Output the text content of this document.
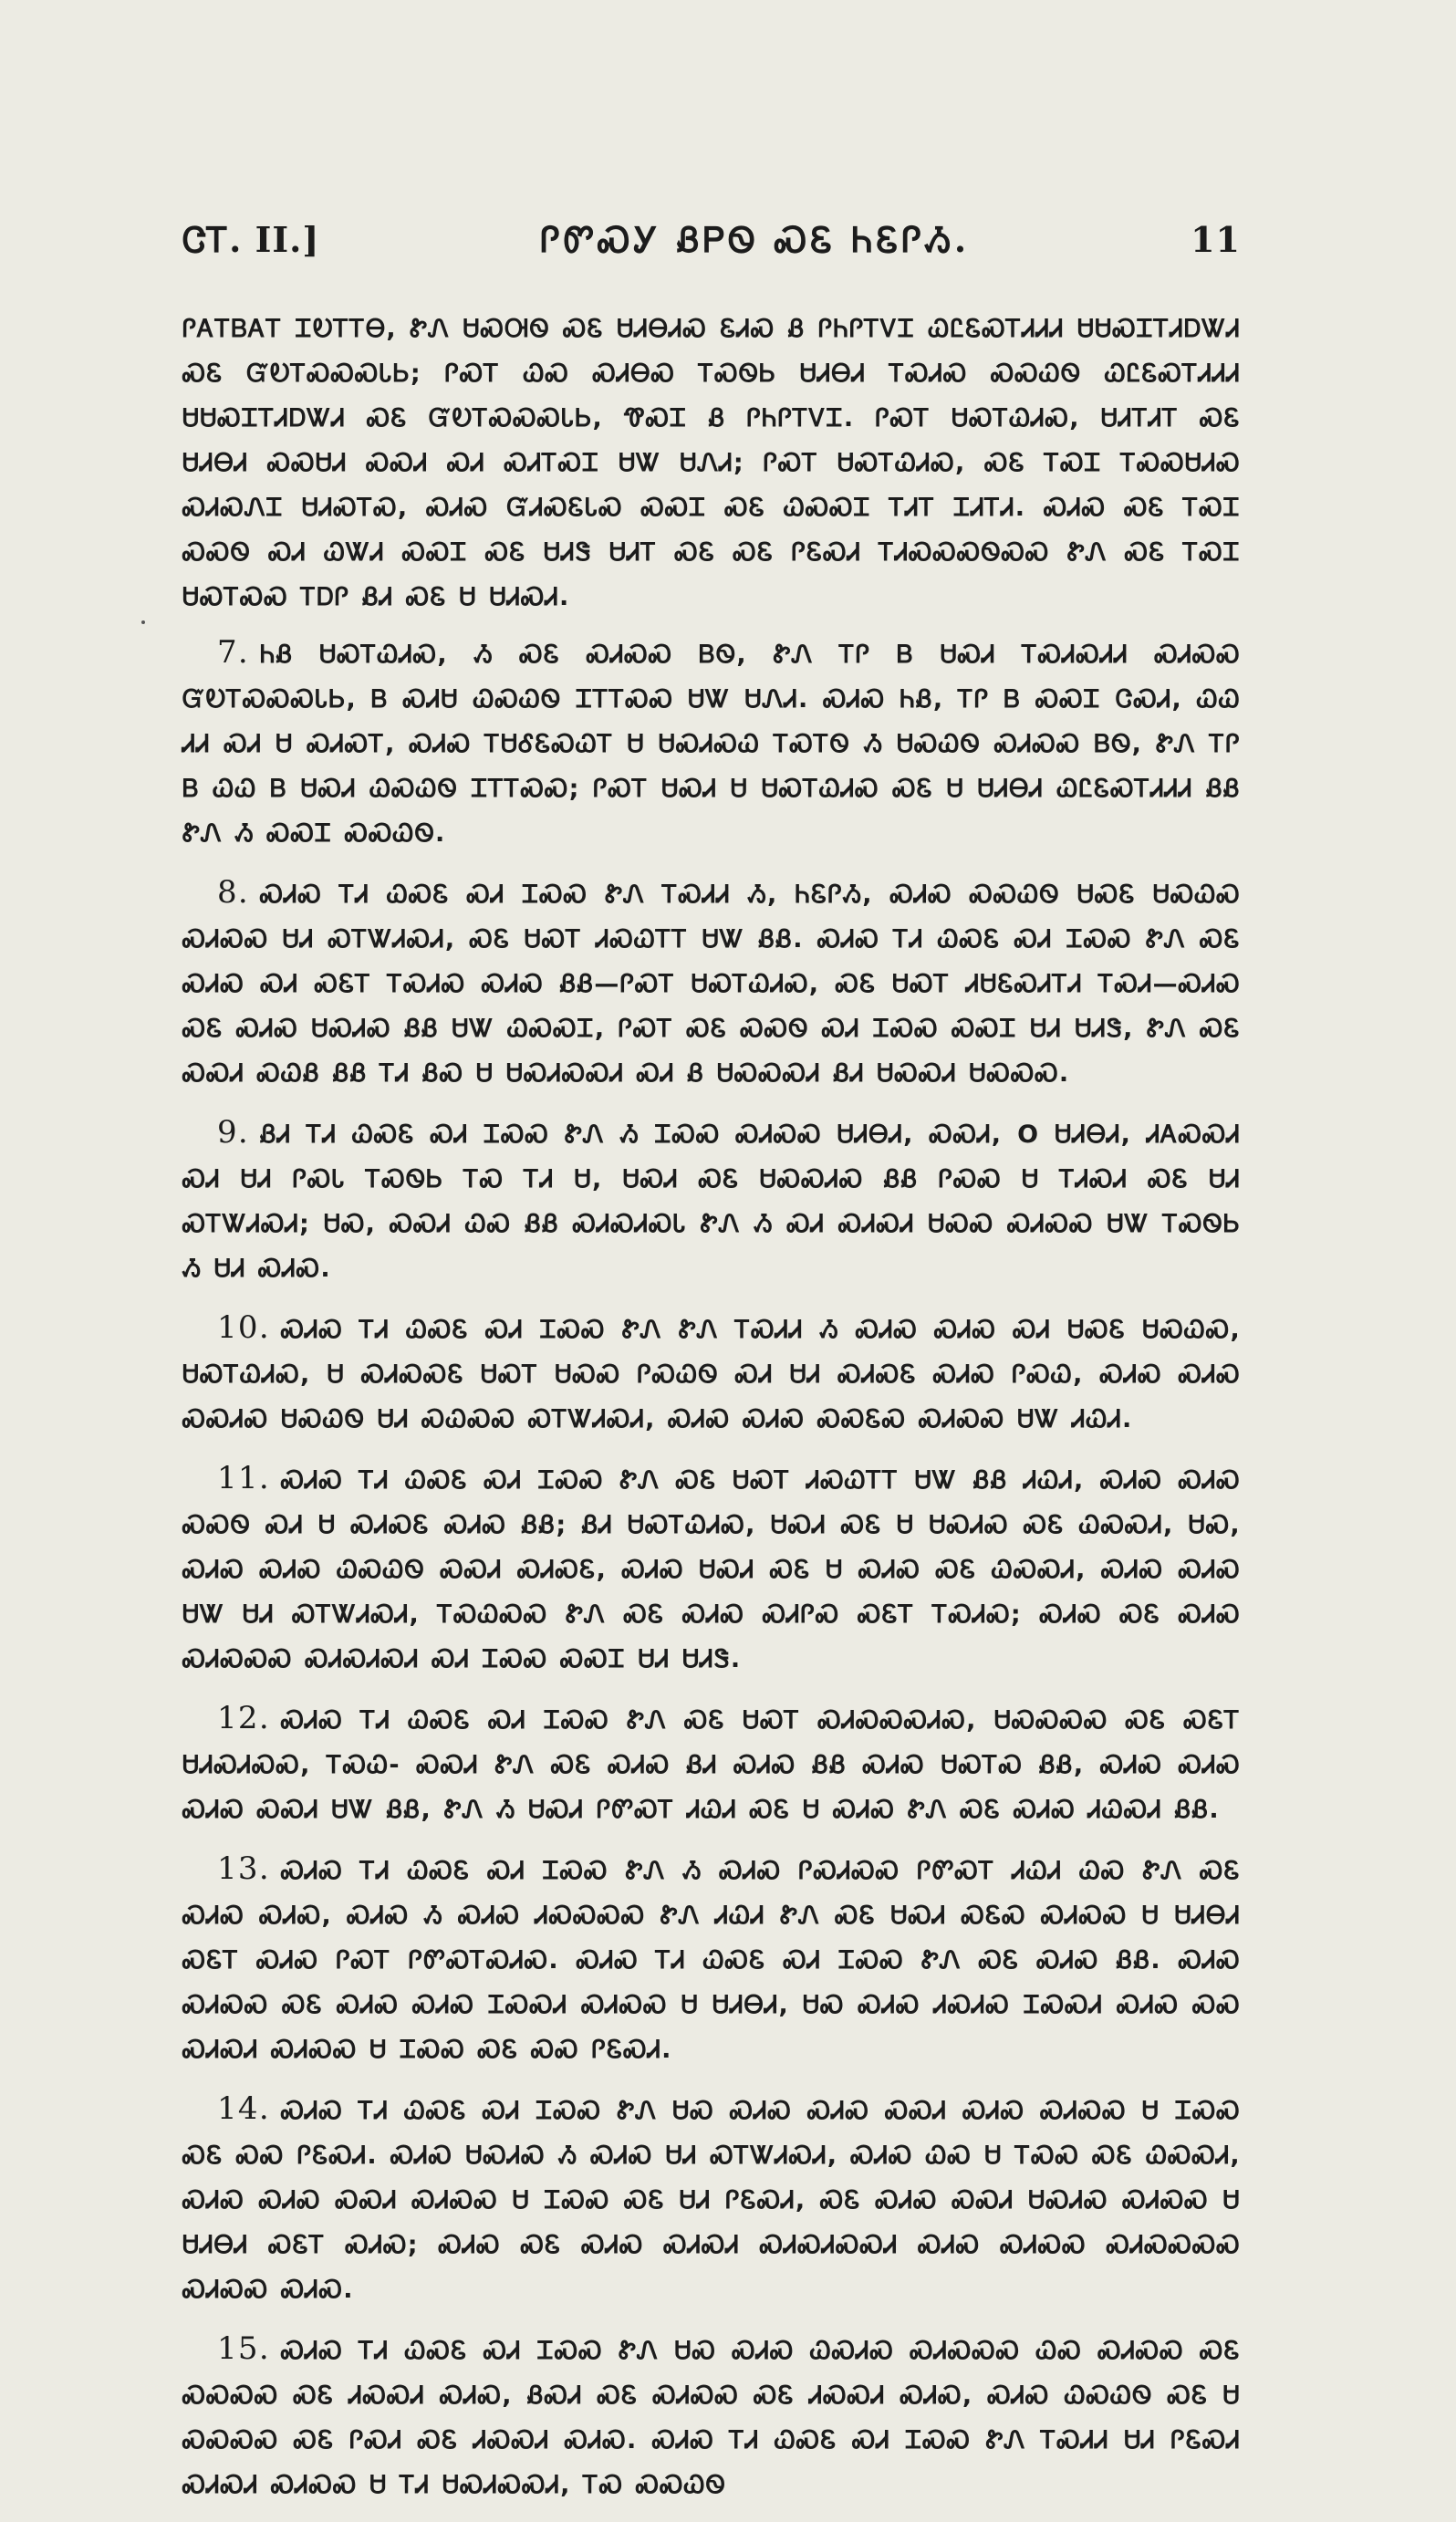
ᏣᎢ. II.]	ᎵᏛᏍᎩ ᏰᏢᏫ ᏍᏋ ᏂᏋᎵᏱ.	11

ᎵᎪᎢᏴᎪᎢ ᏆᎧᎢᎢᎾ, ᏑᏁ ᏌᏍᎺᏫ ᏍᏋ ᏌᏗᎾᏗᏍ ᏋᏗᏍ Ᏸ ᎵᏂᎵᎢᏙᏆ ᏇᏝᏋᏍᎢᏗᏗᏗ ᏌᏌᏍᏆᎢᏗᎠᏔᏗ ᏍᏋ ᏳᎧᎢᏍᏍᏍᏓᏏ; ᎵᏍᎢ ᏇᏍ ᏍᏗᎾᏍ ᎢᏍᏫᏏ ᏌᏗᎾᏗ ᎢᏍᏗᏍ ᏍᏍᏇᏫ ᏇᏝᏋᏍᎢᏗᏗᏗ ᏌᏌᏍᏆᎢᏗᎠᏔᏗ ᏍᏋ ᏳᎧᎢᏍᏍᏍᏓᏏ, ᏡᏍᏆ Ᏸ ᎵᏂᎵᎢᏙᏆ. ᎵᏍᎢ ᏌᏍᎢᏇᏗᏍ, ᏌᏗᎢᏗᎢ ᏍᏋ ᏌᏗᎾᏗ ᏍᏍᏌᏗ ᏍᏍᏗ ᏍᏗ ᏍᏗᎢᏍᏆ ᏌᏔ ᏌᏁᏗ; ᎵᏍᎢ ᏌᏍᎢᏇᏗᏍ, ᏍᏋ ᎢᏍᏆ ᎢᏍᏍᏌᏗᏍ ᏍᏗᏍᏁᏆ ᏌᏗᏍᎢᏍ, ᏍᏗᏍ ᏳᏗᏍᏋᏓᏍ ᏍᏍᏆ ᏍᏋ ᏇᏍᏍᏆ ᎢᏗᎢ ᏆᏗᎢᏗ. ᏍᏗᏍ ᏍᏋ ᎢᏍᏆ ᏍᏍᏫ ᏍᏗ ᏇᏔᏗ ᏍᏍᏆ ᏍᏋ ᏌᏗᏕ ᏌᏗᎢ ᏍᏋ ᏍᏋ ᎵᏋᏍᏗ ᎢᏗᏍᏍᏍᏫᏍᏍ ᏑᏁ ᏍᏋ ᎢᏍᏆ ᏌᏍᎢᏍᏍ ᎢᎠᎵ ᏰᏗ ᏍᏋ Ꮜ ᏌᏗᏍᏗ.

7. ᏂᏰ ᏌᏍᎢᏇᏗᏍ, Ᏹ ᏍᏋ ᏍᏗᏍᏍ ᏴᏫ, ᏑᏁ ᎢᎵ Ᏼ ᏌᏍᏗ ᎢᏍᏗᏍᏗᏗ ᏍᏗᏍᏍ ᏳᎧᎢᏍᏍᏍᏓᏏ, Ᏼ ᏍᏗᏌ ᏇᏍᏇᏫ ᏆᎢᎢᏍᏍ ᏌᏔ ᏌᏁᏗ. ᏍᏗᏍ ᏂᏰ, ᎢᎵ Ᏼ ᏍᏍᏆ ᏣᏍᏗ, ᏇᏇ ᏗᏗ ᏍᏗ Ꮜ ᏍᏗᏍᎢ, ᏍᏗᏍ ᎢᏌᎴᏋᏍᏇᎢ Ꮜ ᏌᏍᏗᏍᏇ ᎢᏍᎢᏫ Ᏹ ᏌᏍᏇᏫ ᏍᏗᏍᏍ ᏴᏫ, ᏑᏁ ᎢᎵ Ᏼ ᏇᏇ Ᏼ ᏌᏍᏗ ᏇᏍᏇᏫ ᏆᎢᎢᏍᏍ; ᎵᏍᎢ ᏌᏍᏗ Ꮜ ᏌᏍᎢᏇᏗᏍ ᏍᏋ Ꮜ ᏌᏗᎾᏗ ᏇᏝᏋᏍᎢᏗᏗᏗ ᏰᏰ ᏑᏁ Ᏹ ᏍᏍᏆ ᏍᏍᏇᏫ.

8. ᏍᏗᏍ ᎢᏗ ᏇᏍᏋ ᏍᏗ ᏆᏍᏍ ᏑᏁ ᎢᏍᏗᏗ Ᏹ, ᏂᏋᎵᏱ, ᏍᏗᏍ ᏍᏍᏇᏫ ᏌᏍᏋ ᏌᏍᏇᏍ ᏍᏗᏍᏍ ᏌᏗ ᏍᎢᏔᏗᏍᏗ, ᏍᏋ ᏌᏍᎢ ᏗᏍᏇᎢᎢ ᏌᏔ ᏰᏰ. ᏍᏗᏍ ᎢᏗ ᏇᏍᏋ ᏍᏗ ᏆᏍᏍ ᏑᏁ ᏍᏋ ᏍᏗᏍ ᏍᏗ ᏍᏋᎢ ᎢᏍᏗᏍ ᏍᏗᏍ ᏰᏰ—ᎵᏍᎢ ᏌᏍᎢᏇᏗᏍ, ᏍᏋ ᏌᏍᎢ ᏗᏌᏋᏍᏗᎢᏗ ᎢᏍᏗ—ᏍᏗᏍ ᏍᏋ ᏍᏗᏍ ᏌᏍᏗᏍ ᏰᏰ ᏌᏔ ᏇᏍᏍᏆ, ᎵᏍᎢ ᏍᏋ ᏍᏍᏫ ᏍᏗ ᏆᏍᏍ ᏍᏍᏆ ᏌᏗ ᏌᏗᏕ, ᏑᏁ ᏍᏋ ᏍᏍᏗ ᏍᏇᏰ ᏰᏰ ᎢᏗ ᏰᏍ Ꮜ ᏌᏍᏗᏍᏍᏗ ᏍᏗ Ᏸ ᏌᏍᏍᏍᏗ ᏰᏗ ᏌᏍᏍᏗ ᏌᏍᏍᏍ.

9. ᏰᏗ ᎢᏗ ᏇᏍᏋ ᏍᏗ ᏆᏍᏍ ᏑᏁ Ᏹ ᏆᏍᏍ ᏍᏗᏍᏍ ᏌᏗᎾᏗ, ᏍᏍᏗ, O ᏌᏗᎾᏗ, ᏗᎪᏍᏍᏗ ᏍᏗ ᏌᏗ ᎵᏍᏓ ᎢᏍᏫᏏ ᎢᏍ ᎢᏗ Ꮜ, ᏌᏍᏗ ᏍᏋ ᏌᏍᏍᏗᏍ ᏰᏰ ᎵᏍᏍ Ꮜ ᎢᏗᏍᏗ ᏍᏋ ᏌᏗ ᏍᎢᏔᏗᏍᏗ; ᏌᏍ, ᏍᏍᏗ ᏇᏍ ᏰᏰ ᏍᏗᏍᏗᏍᏓ ᏑᏁ Ᏹ ᏍᏗ ᏍᏗᏍᏗ ᏌᏍᏍ ᏍᏗᏍᏍ ᏌᏔ ᎢᏍᏫᏏ Ᏹ ᏌᏗ ᏍᏗᏍ.

10. ᏍᏗᏍ ᎢᏗ ᏇᏍᏋ ᏍᏗ ᏆᏍᏍ ᏑᏁ ᏑᏁ ᎢᏍᏗᏗ Ᏹ ᏍᏗᏍ ᏍᏗᏍ ᏍᏗ ᏌᏍᏋ ᏌᏍᏇᏍ, ᏌᏍᎢᏇᏗᏍ, Ꮜ ᏍᏗᏍᏍᏋ ᏌᏍᎢ ᏌᏍᏍ ᎵᏍᏇᏫ ᏍᏗ ᏌᏗ ᏍᏗᏍᏋ ᏍᏗᏍ ᎵᏍᏇ, ᏍᏗᏍ ᏍᏗᏍ ᏍᏍᏗᏍ ᏌᏍᏇᏫ ᏌᏗ ᏍᏇᏍᏍ ᏍᎢᏔᏗᏍᏗ, ᏍᏗᏍ ᏍᏗᏍ ᏍᏍᏋᏍ ᏍᏗᏍᏍ ᏌᏔ ᏗᏇᏗ.

11. ᏍᏗᏍ ᎢᏗ ᏇᏍᏋ ᏍᏗ ᏆᏍᏍ ᏑᏁ ᏍᏋ ᏌᏍᎢ ᏗᏍᏇᎢᎢ ᏌᏔ ᏰᏰ ᏗᏇᏗ, ᏍᏗᏍ ᏍᏗᏍ ᏍᏍᏫ ᏍᏗ Ꮜ ᏍᏗᏍᏋ ᏍᏗᏍ ᏰᏰ; ᏰᏗ ᏌᏍᎢᏇᏗᏍ, ᏌᏍᏗ ᏍᏋ Ꮜ ᏌᏍᏗᏍ ᏍᏋ ᏇᏍᏍᏗ, ᏌᏍ, ᏍᏗᏍ ᏍᏗᏍ ᏇᏍᏇᏫ ᏍᏍᏗ ᏍᏗᏍᏋ, ᏍᏗᏍ ᏌᏍᏗ ᏍᏋ Ꮜ ᏍᏗᏍ ᏍᏋ ᏇᏍᏍᏗ, ᏍᏗᏍ ᏍᏗᏍ ᏌᏔ ᏌᏗ ᏍᎢᏔᏗᏍᏗ, ᎢᏍᏇᏍᏍ ᏑᏁ ᏍᏋ ᏍᏗᏍ ᏍᏗᎵᏍ ᏍᏋᎢ ᎢᏍᏗᏍ; ᏍᏗᏍ ᏍᏋ ᏍᏗᏍ ᏍᏗᏍᏍᏍ ᏍᏗᏍᏗᏍᏗ ᏍᏗ ᏆᏍᏍ ᏍᏍᏆ ᏌᏗ ᏌᏗᏕ.

12. ᏍᏗᏍ ᎢᏗ ᏇᏍᏋ ᏍᏗ ᏆᏍᏍ ᏑᏁ ᏍᏋ ᏌᏍᎢ ᏍᏗᏍᏍᏍᏗᏍ, ᏌᏍᏍᏍᏍ ᏍᏋ ᏍᏋᎢ ᏌᏗᏍᏗᏍᏍ, ᎢᏍᏇ- ᏍᏍᏗ ᏑᏁ ᏍᏋ ᏍᏗᏍ ᏰᏗ ᏍᏗᏍ ᏰᏰ ᏍᏗᏍ ᏌᏍᎢᏍ ᏰᏰ, ᏍᏗᏍ ᏍᏗᏍ ᏍᏗᏍ ᏍᏍᏗ ᏌᏔ ᏰᏰ, ᏑᏁ Ᏹ ᏌᏍᏗ ᎵᏛᏍᎢ ᏗᏇᏗ ᏍᏋ Ꮜ ᏍᏗᏍ ᏑᏁ ᏍᏋ ᏍᏗᏍ ᏗᏇᏍᏗ ᏰᏰ.

13. ᏍᏗᏍ ᎢᏗ ᏇᏍᏋ ᏍᏗ ᏆᏍᏍ ᏑᏁ Ᏹ ᏍᏗᏍ ᎵᏍᏗᏍᏍ ᎵᏛᏍᎢ ᏗᏇᏗ ᏇᏍ ᏑᏁ ᏍᏋ ᏍᏗᏍ ᏍᏗᏍ, ᏍᏗᏍ Ᏹ ᏍᏗᏍ ᏗᏍᏍᏍᏍ ᏑᏁ ᏗᏇᏗ ᏑᏁ ᏍᏋ ᏌᏍᏗ ᏍᏋᏍ ᏍᏗᏍᏍ Ꮜ ᏌᏗᎾᏗ ᏍᏋᎢ ᏍᏗᏍ ᎵᏍᎢ ᎵᏛᏍᎢᏍᏗᏍ. ᏍᏗᏍ ᎢᏗ ᏇᏍᏋ ᏍᏗ ᏆᏍᏍ ᏑᏁ ᏍᏋ ᏍᏗᏍ ᏰᏰ. ᏍᏗᏍ ᏍᏗᏍᏍ ᏍᏋ ᏍᏗᏍ ᏍᏗᏍ ᏆᏍᏍᏗ ᏍᏗᏍᏍ Ꮜ ᏌᏗᎾᏗ, ᏌᏍ ᏍᏗᏍ ᏗᏍᏗᏍ ᏆᏍᏍᏗ ᏍᏗᏍ ᏍᏍ ᏍᏗᏍᏗ ᏍᏗᏍᏍ Ꮜ ᏆᏍᏍ ᏍᏋ ᏍᏍ ᎵᏋᏍᏗ.

14. ᏍᏗᏍ ᎢᏗ ᏇᏍᏋ ᏍᏗ ᏆᏍᏍ ᏑᏁ ᏌᏍ ᏍᏗᏍ ᏍᏗᏍ ᏍᏍᏗ ᏍᏗᏍ ᏍᏗᏍᏍ Ꮜ ᏆᏍᏍ ᏍᏋ ᏍᏍ ᎵᏋᏍᏗ. ᏍᏗᏍ ᏌᏍᏗᏍ Ᏹ ᏍᏗᏍ ᏌᏗ ᏍᎢᏔᏗᏍᏗ, ᏍᏗᏍ ᏇᏍ Ꮜ ᎢᏍᏍ ᏍᏋ ᏇᏍᏍᏗ, ᏍᏗᏍ ᏍᏗᏍ ᏍᏍᏗ ᏍᏗᏍᏍ Ꮜ ᏆᏍᏍ ᏍᏋ ᏌᏗ ᎵᏋᏍᏗ, ᏍᏋ ᏍᏗᏍ ᏍᏍᏗ ᏌᏍᏗᏍ ᏍᏗᏍᏍ Ꮜ ᏌᏗᎾᏗ ᏍᏋᎢ ᏍᏗᏍ; ᏍᏗᏍ ᏍᏋ ᏍᏗᏍ ᏍᏗᏍᏗ ᏍᏗᏍᏗᏍᏍᏗ ᏍᏗᏍ ᏍᏗᏍᏍ ᏍᏗᏍᏍᏍᏍ ᏍᏗᏍᏍ ᏍᏗᏍ.

15. ᏍᏗᏍ ᎢᏗ ᏇᏍᏋ ᏍᏗ ᏆᏍᏍ ᏑᏁ ᏌᏍ ᏍᏗᏍ ᏇᏍᏗᏍ ᏍᏗᏍᏍᏍ ᏇᏍ ᏍᏗᏍᏍ ᏍᏋ ᏍᏍᏍᏍ ᏍᏋ ᏗᏍᏍᏗ ᏍᏗᏍ, ᏰᏍᏗ ᏍᏋ ᏍᏗᏍᏍ ᏍᏋ ᏗᏍᏍᏗ ᏍᏗᏍ, ᏍᏗᏍ ᏇᏍᏇᏫ ᏍᏋ Ꮜ ᏍᏍᏍᏍ ᏍᏋ ᎵᏍᏗ ᏍᏋ ᏗᏍᏍᏗ ᏍᏗᏍ. ᏍᏗᏍ ᎢᏗ ᏇᏍᏋ ᏍᏗ ᏆᏍᏍ ᏑᏁ ᎢᏍᏗᏗ ᏌᏗ ᎵᏋᏍᏗ ᏍᏗᏍᏗ ᏍᏗᏍᏍ Ꮜ ᎢᏗ ᏌᏍᏗᏍᏍᏗ, ᎢᏍ ᏍᏍᏇᏫ
